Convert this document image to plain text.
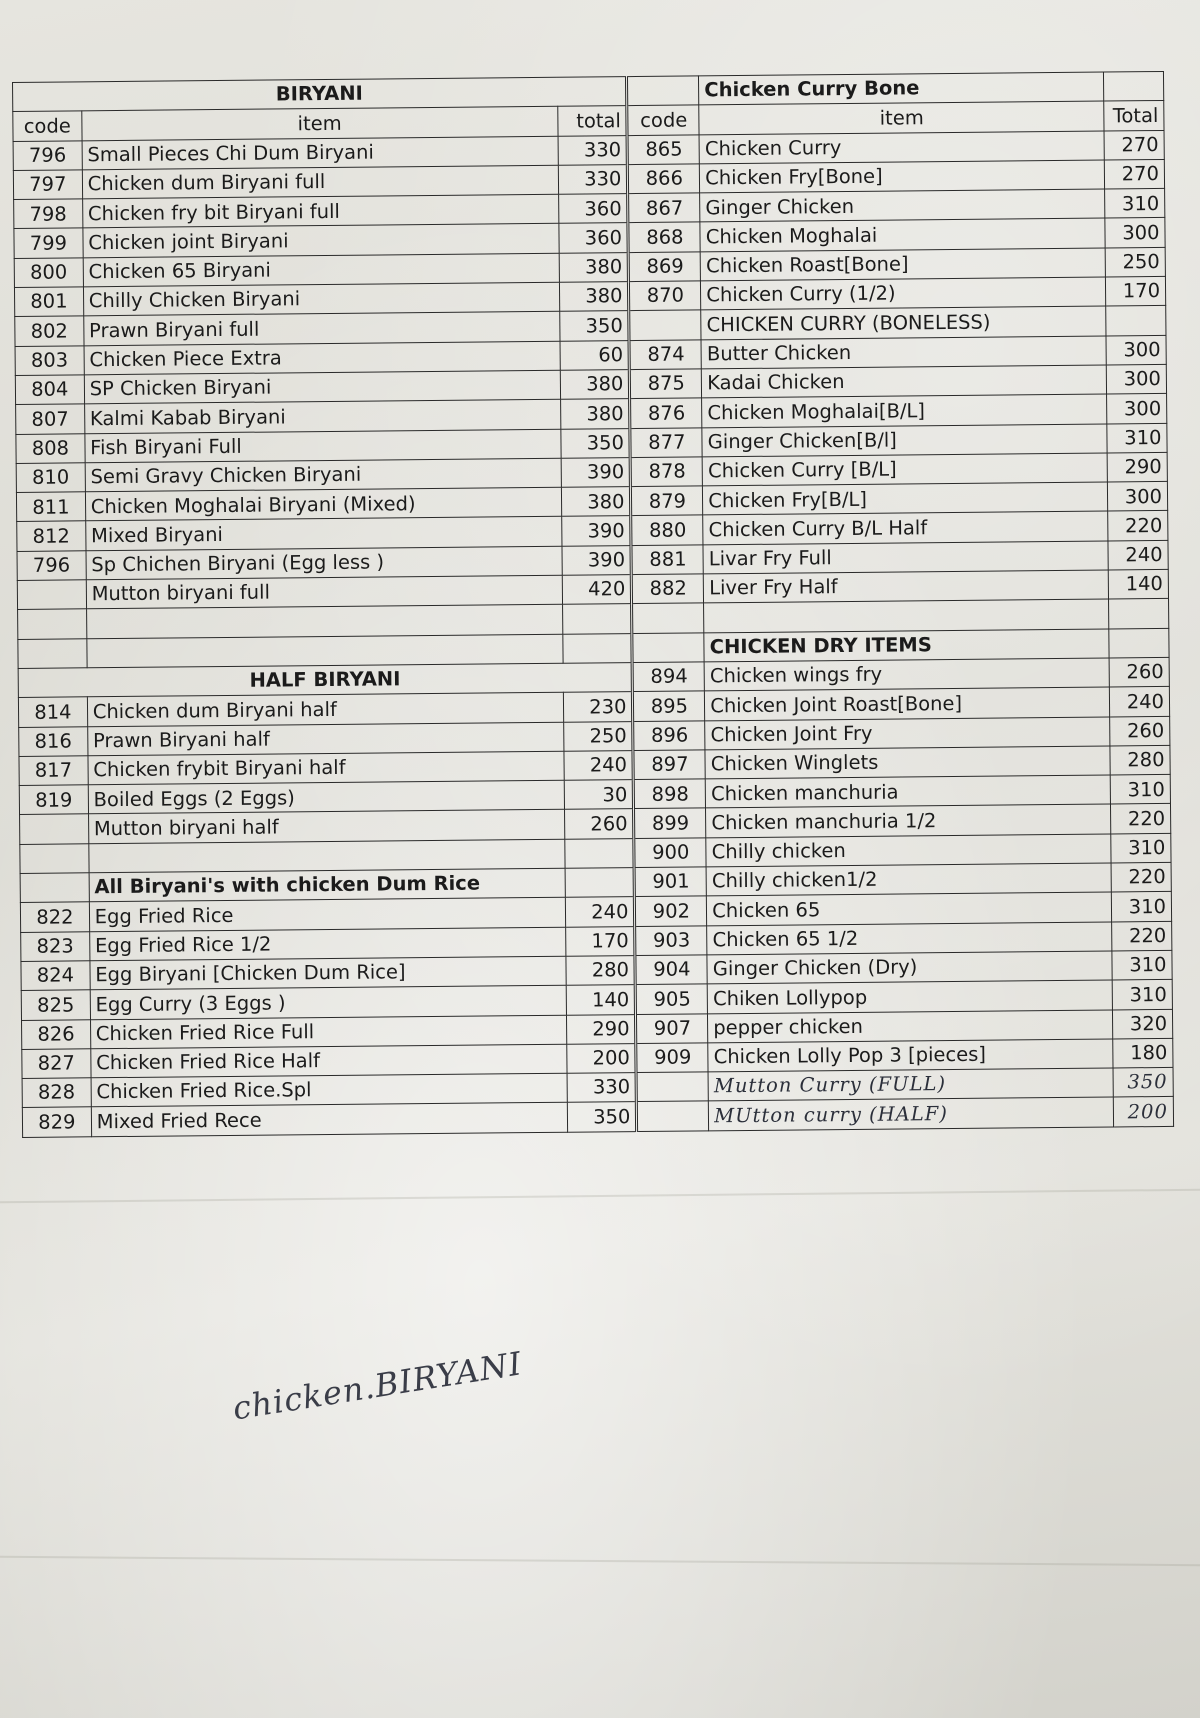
BIRYANI				Chicken Curry Bone	
code	item	total	code	item	Total
796	Small Pieces Chi Dum Biryani	330	865	Chicken Curry	270
797	Chicken dum Biryani full	330	866	Chicken Fry[Bone]	270
798	Chicken fry bit Biryani full	360	867	Ginger Chicken	310
799	Chicken joint Biryani	360	868	Chicken Moghalai	300
800	Chicken 65 Biryani	380	869	Chicken Roast[Bone]	250
801	Chilly Chicken Biryani	380	870	Chicken Curry (1/2)	170
802	Prawn Biryani full	350		CHICKEN CURRY (BONELESS)	
803	Chicken Piece Extra	60	874	Butter Chicken	300
804	SP Chicken Biryani	380	875	Kadai Chicken	300
807	Kalmi Kabab Biryani	380	876	Chicken Moghalai[B/L]	300
808	Fish Biryani Full	350	877	Ginger Chicken[B/l]	310
810	Semi Gravy Chicken Biryani	390	878	Chicken Curry [B/L]	290
811	Chicken Moghalai Biryani (Mixed)	380	879	Chicken Fry[B/L]	300
812	Mixed Biryani	390	880	Chicken Curry B/L Half	220
796	Sp Chichen Biryani (Egg less )	390	881	Livar Fry Full	240
	Mutton biryani full	420	882	Liver Fry Half	140

				CHICKEN DRY ITEMS	
HALF BIRYANI			894	Chicken wings fry	260
814	Chicken dum Biryani half	230	895	Chicken Joint Roast[Bone]	240
816	Prawn Biryani half	250	896	Chicken Joint Fry	260
817	Chicken frybit Biryani half	240	897	Chicken Winglets	280
819	Boiled Eggs (2 Eggs)	30	898	Chicken manchuria	310
	Mutton biryani half	260	899	Chicken manchuria 1/2	220
			900	Chilly chicken	310
	All Biryani's with chicken Dum Rice		901	Chilly chicken1/2	220
822	Egg Fried Rice	240	902	Chicken 65	310
823	Egg Fried Rice 1/2	170	903	Chicken 65 1/2	220
824	Egg Biryani [Chicken Dum Rice]	280	904	Ginger Chicken (Dry)	310
825	Egg Curry (3 Eggs )	140	905	Chiken Lollypop	310
826	Chicken Fried Rice Full	290	907	pepper chicken	320
827	Chicken Fried Rice Half	200	909	Chicken Lolly Pop 3 [pieces]	180
828	Chicken Fried Rice.Spl	330		Mutton Curry (FULL)	350
829	Mixed Fried Rece	350		MUtton curry (HALF)	200
chicken.BIRYANI
